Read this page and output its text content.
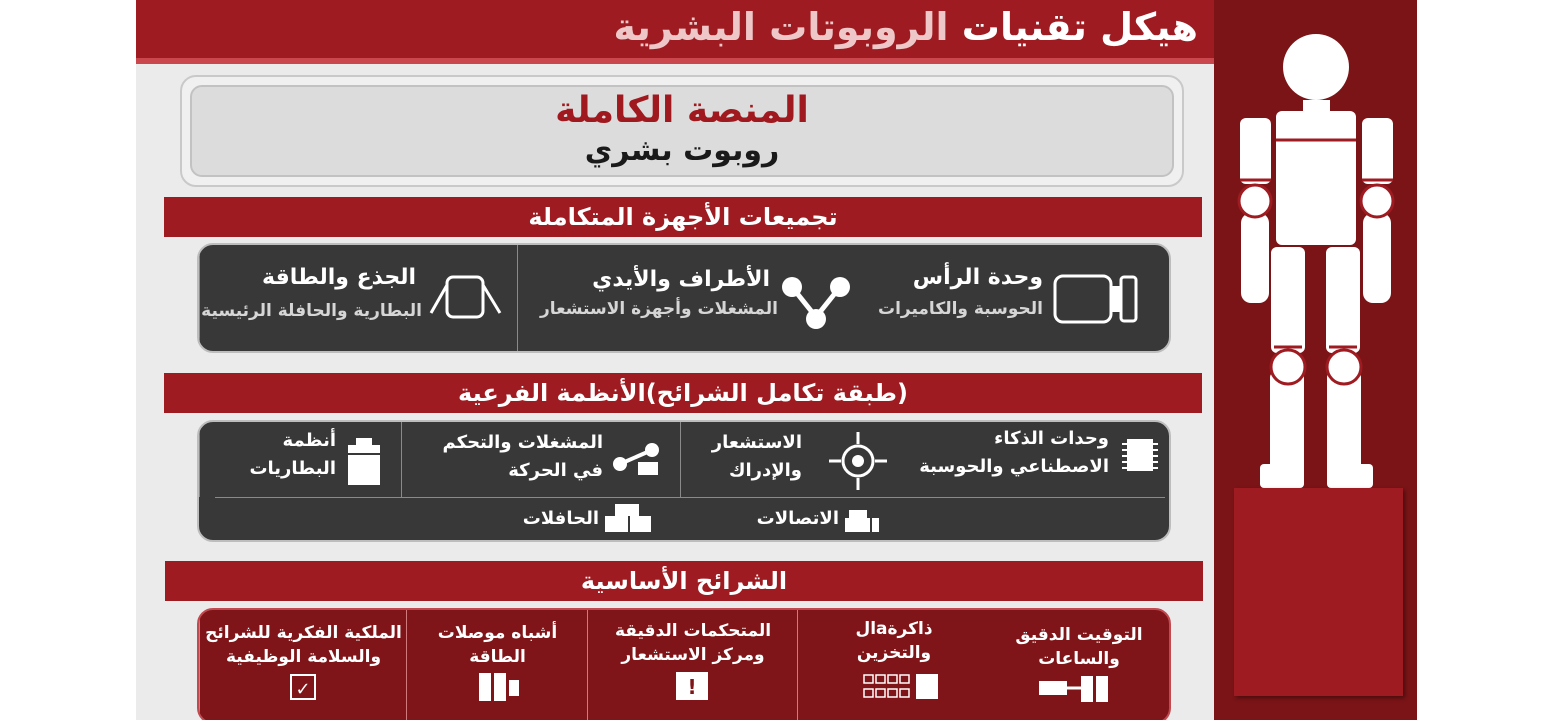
هيكل تقنيات الروبوتات البشرية
المنصة الكاملة
روبوت بشري
تجميعات الأجهزة المتكاملة
وحدة الرأس
الحوسبة والكاميرات
الأطراف والأيدي
المشغلات وأجهزة الاستشعار
الجذع والطاقة
البطارية والحافلة الرئيسية
(طبقة تكامل الشرائح)الأنظمة الفرعية
وحدات الذكاء
الاصطناعي والحوسبة
الاستشعار
والإدراك
المشغلات والتحكم
في الحركة
أنظمة
البطاريات
الاتصالات
الحافلات
الشرائح الأساسية
التوقيت الدقيق
والساعات
ذاكرةaال
والتخزين
المتحكمات الدقيقة
ومركز الاستشعار
!
أشباه موصلات
الطاقة
الملكية الفكرية للشرائح
والسلامة الوظيفية
✓
